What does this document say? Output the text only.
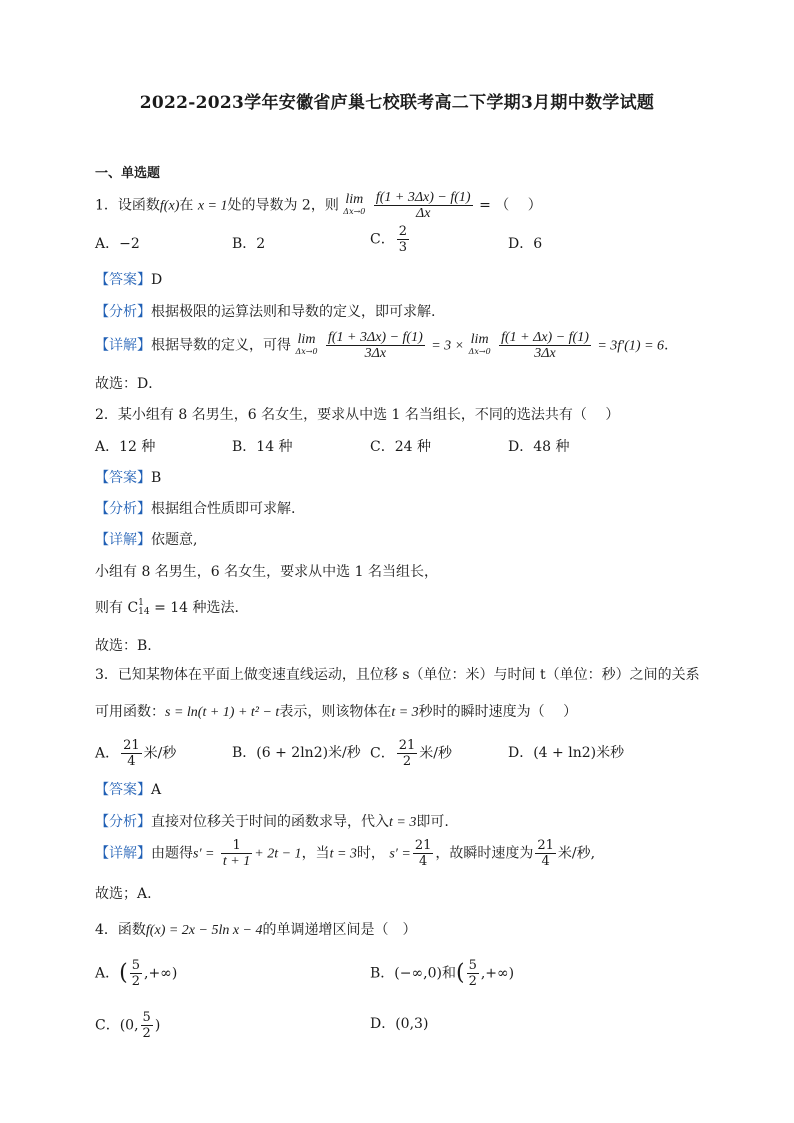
2022-2023学年安徽省庐巢七校联考高二下学期3月期中数学试题
一、单选题
1．设函数f(x)在 x = 1处的导数为 2，则 lim
Δx→0
$\frac{f(1 + 3\Delta x) - f(1)}{\Delta x}$ = （　 ）
A．−2	B．2	C． $\frac{2}{3}$	D．6
【答案】D
【分析】根据极限的运算法则和导数的定义，即可求解.
【详解】根据导数的定义，可得 lim
Δx→0
$\frac{f(1 + 3\Delta x) - f(1)}{3\Delta x} = 3 \times \lim$
Δx→0
$\frac{f(1 + \Delta x) - f(1)}{3\Delta x} = 3f'(1) = 6$.
故选：D．
2．某小组有 8 名男生，6 名女生，要求从中选 1 名当组长，不同的选法共有（　 ）
A．12 种	B．14 种	C．24 种	D．48 种
【答案】B
【分析】根据组合性质即可求解.
【详解】依题意,
小组有 8 名男生，6 名女生，要求从中选 1 名当组长，
则有 C 1
14 = 14 种选法.
故选：B.
3．已知某物体在平面上做变速直线运动，且位移 s（单位：米）与时间 t（单位：秒）之间的关系
可用函数：s = ln(t + 1) + t² − t表示，则该物体在t = 3秒时的瞬时速度为（　 ）
A． $\frac{21}{4}$ 米/秒	B．(6 + 2ln2)米/秒 C． $\frac{21}{2}$ 米/秒	D．(4 + ln2)米秒
【答案】A
【分析】直接对位移关于时间的函数求导，代入t = 3即可.
【详解】由题得$s' = \frac{1}{t + 1} + 2t - 1$，当t = 3时， $s' = \frac{21}{4}$ ，故瞬时速度为 $\frac{21}{4}$ 米/秒,
故选；A.
4．函数f(x) = 2x − 5ln x − 4的单调递增区间是（　）
A．( $\frac{5}{2}$ ,+∞)	B．(−∞,0)和( $\frac{5}{2}$ ,+∞)
C．(0, $\frac{5}{2}$ )	D．(0,3)
